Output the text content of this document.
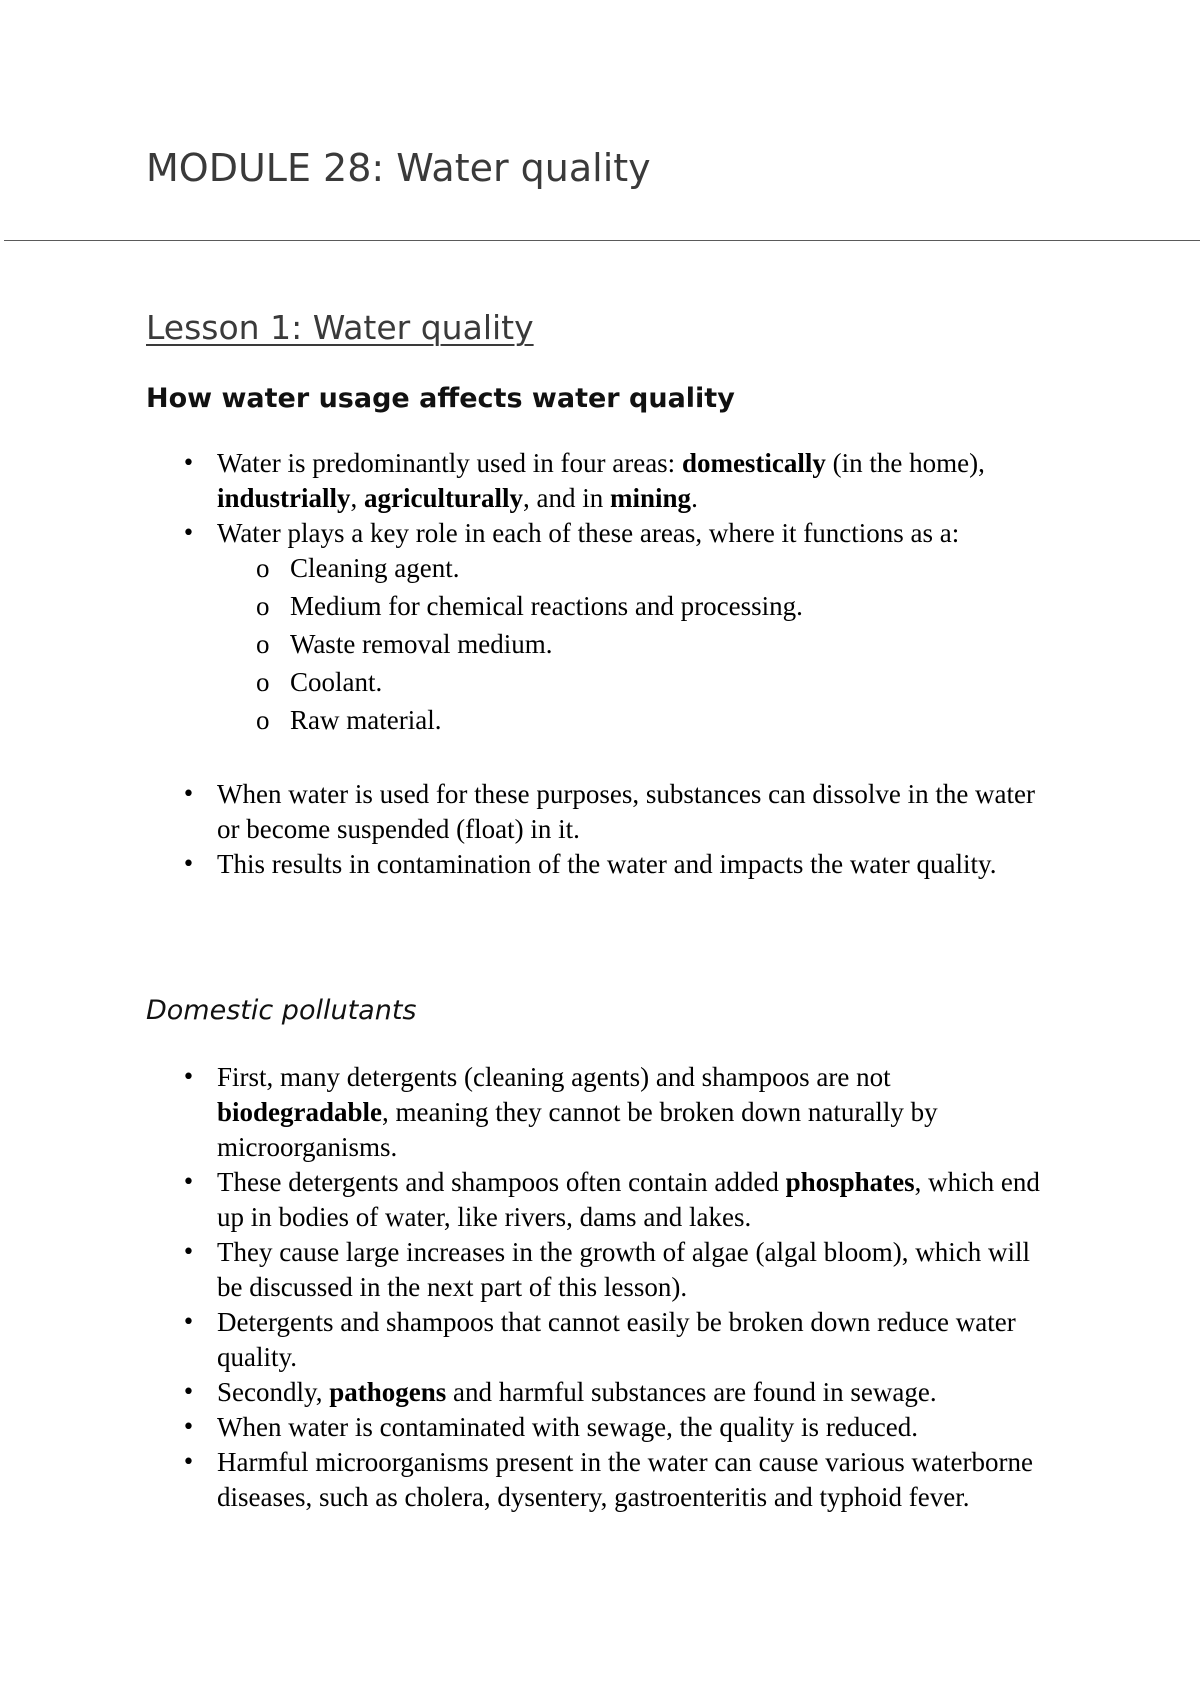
MODULE 28: Water quality
Lesson 1: Water quality
How water usage affects water quality
• Water is predominantly used in four areas: domestically (in the home), industrially, agriculturally, and in mining.
• Water plays a key role in each of these areas, where it functions as a:
o Cleaning agent.
o Medium for chemical reactions and processing.
o Waste removal medium.
o Coolant.
o Raw material.
• When water is used for these purposes, substances can dissolve in the water or become suspended (float) in it.
• This results in contamination of the water and impacts the water quality.
Domestic pollutants
• First, many detergents (cleaning agents) and shampoos are not biodegradable, meaning they cannot be broken down naturally by microorganisms.
• These detergents and shampoos often contain added phosphates, which end up in bodies of water, like rivers, dams and lakes.
• They cause large increases in the growth of algae (algal bloom), which will be discussed in the next part of this lesson).
• Detergents and shampoos that cannot easily be broken down reduce water quality.
• Secondly, pathogens and harmful substances are found in sewage.
• When water is contaminated with sewage, the quality is reduced.
• Harmful microorganisms present in the water can cause various waterborne diseases, such as cholera, dysentery, gastroenteritis and typhoid fever.
